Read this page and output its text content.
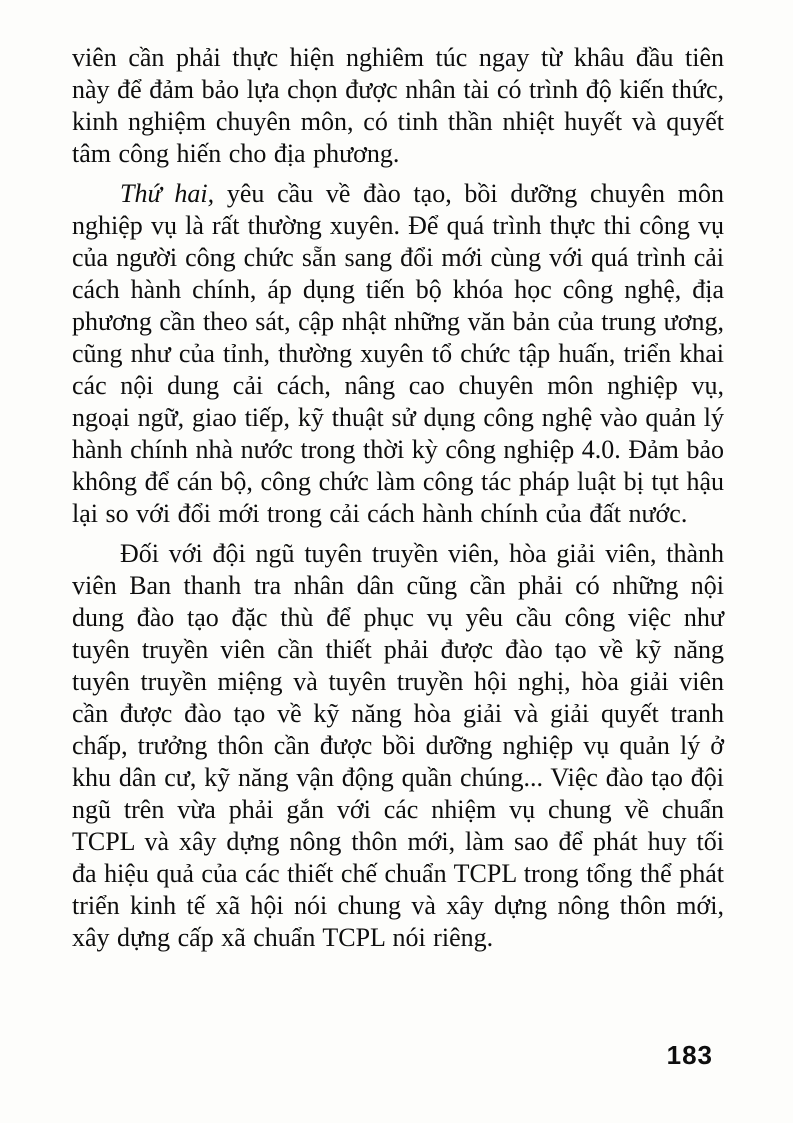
viên cần phải thực hiện nghiêm túc ngay từ khâu đầu tiên này để đảm bảo lựa chọn được nhân tài có trình độ kiến thức, kinh nghiệm chuyên môn, có tinh thần nhiệt huyết và quyết tâm công hiến cho địa phương.

Thứ hai, yêu cầu về đào tạo, bồi dưỡng chuyên môn nghiệp vụ là rất thường xuyên. Để quá trình thực thi công vụ của người công chức sẵn sang đổi mới cùng với quá trình cải cách hành chính, áp dụng tiến bộ khóa học công nghệ, địa phương cần theo sát, cập nhật những văn bản của trung ương, cũng như của tỉnh, thường xuyên tổ chức tập huấn, triển khai các nội dung cải cách, nâng cao chuyên môn nghiệp vụ, ngoại ngữ, giao tiếp, kỹ thuật sử dụng công nghệ vào quản lý hành chính nhà nước trong thời kỳ công nghiệp 4.0. Đảm bảo không để cán bộ, công chức làm công tác pháp luật bị tụt hậu lại so với đổi mới trong cải cách hành chính của đất nước.

Đối với đội ngũ tuyên truyền viên, hòa giải viên, thành viên Ban thanh tra nhân dân cũng cần phải có những nội dung đào tạo đặc thù để phục vụ yêu cầu công việc như tuyên truyền viên cần thiết phải được đào tạo về kỹ năng tuyên truyền miệng và tuyên truyền hội nghị, hòa giải viên cần được đào tạo về kỹ năng hòa giải và giải quyết tranh chấp, trưởng thôn cần được bồi dưỡng nghiệp vụ quản lý ở khu dân cư, kỹ năng vận động quần chúng... Việc đào tạo đội ngũ trên vừa phải gắn với các nhiệm vụ chung về chuẩn TCPL và xây dựng nông thôn mới, làm sao để phát huy tối đa hiệu quả của các thiết chế chuẩn TCPL trong tổng thể phát triển kinh tế xã hội nói chung và xây dựng nông thôn mới, xây dựng cấp xã chuẩn TCPL nói riêng.

183
